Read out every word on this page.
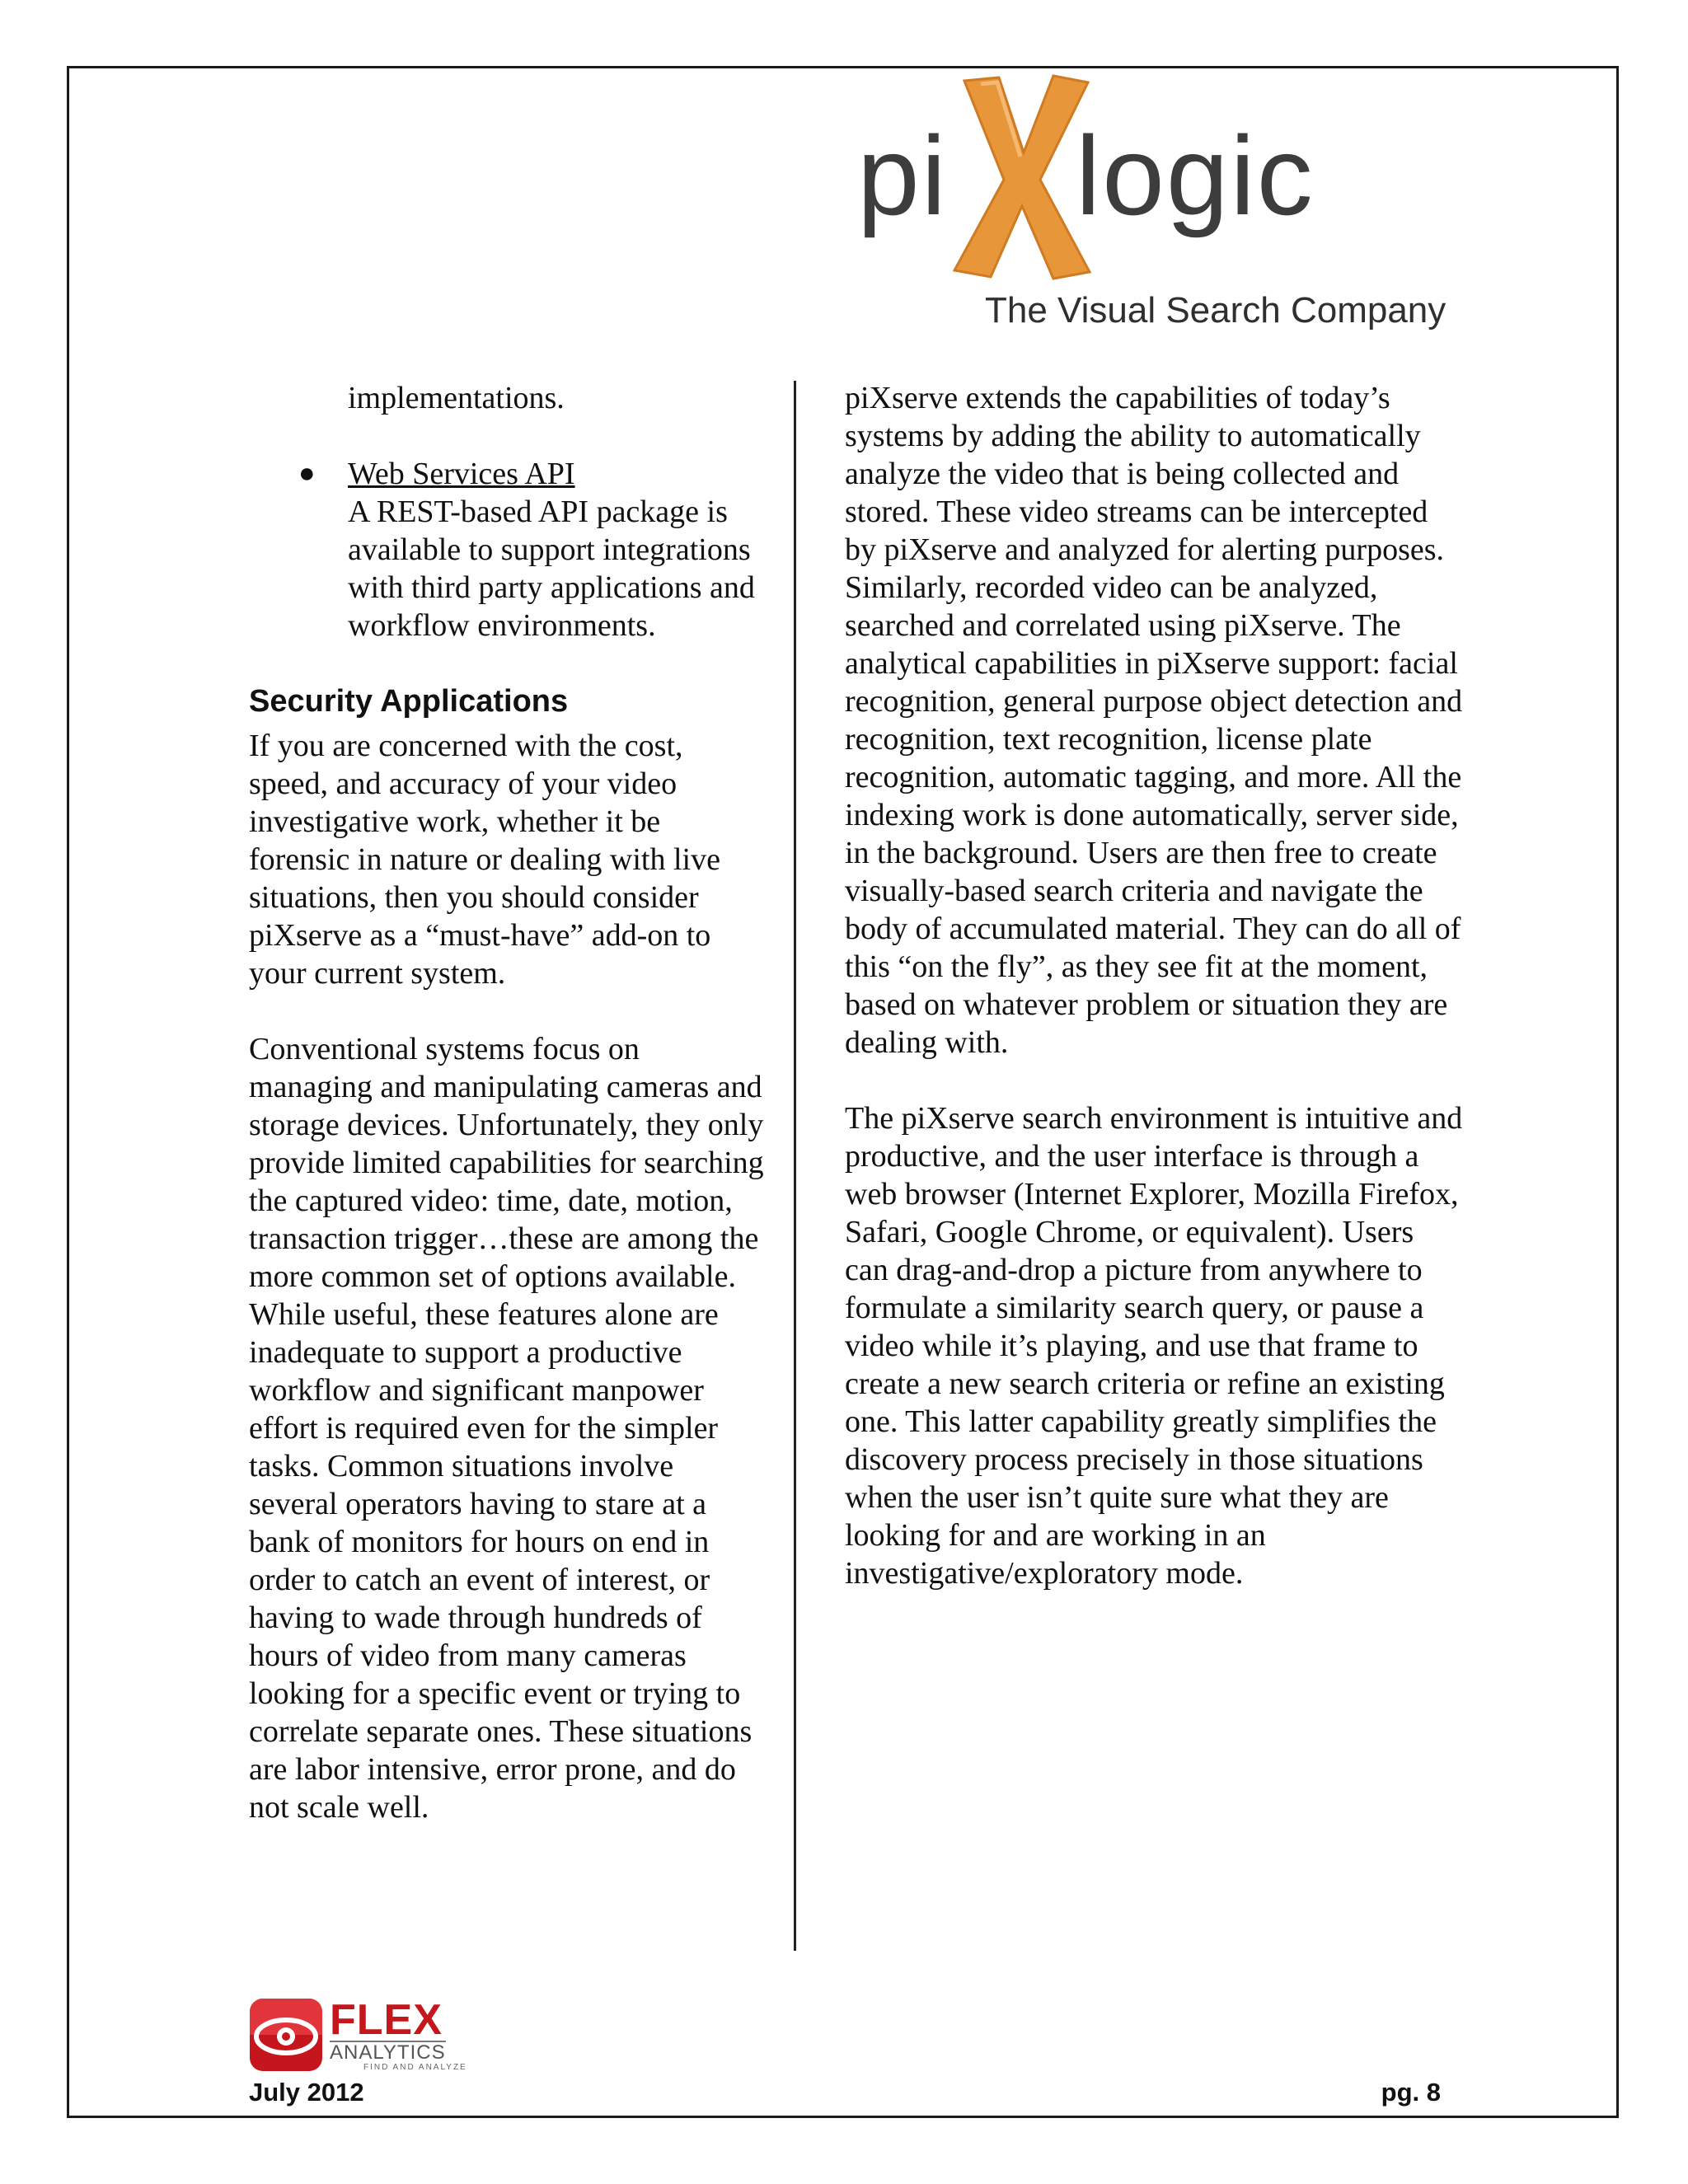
pi logic
The Visual Search Company

implementations.

● Web Services API

A REST-based API package is available to support integrations with third party applications and workflow environments.

Security Applications

If you are concerned with the cost, speed, and accuracy of your video investigative work, whether it be forensic in nature or dealing with live situations, then you should consider piXserve as a “must-have” add-on to your current system.

Conventional systems focus on managing and manipulating cameras and storage devices. Unfortunately, they only provide limited capabilities for searching the captured video: time, date, motion, transaction trigger…these are among the more common set of options available. While useful, these features alone are inadequate to support a productive workflow and significant manpower effort is required even for the simpler tasks. Common situations involve several operators having to stare at a bank of monitors for hours on end in order to catch an event of interest, or having to wade through hundreds of hours of video from many cameras looking for a specific event or trying to correlate separate ones. These situations are labor intensive, error prone, and do not scale well.

piXserve extends the capabilities of today’s systems by adding the ability to automatically analyze the video that is being collected and stored. These video streams can be intercepted by piXserve and analyzed for alerting purposes. Similarly, recorded video can be analyzed, searched and correlated using piXserve. The analytical capabilities in piXserve support: facial recognition, general purpose object detection and recognition, text recognition, license plate recognition, automatic tagging, and more. All the indexing work is done automatically, server side, in the background. Users are then free to create visually-based search criteria and navigate the body of accumulated material. They can do all of this “on the fly”, as they see fit at the moment, based on whatever problem or situation they are dealing with.

The piXserve search environment is intuitive and productive, and the user interface is through a web browser (Internet Explorer, Mozilla Firefox, Safari, Google Chrome, or equivalent). Users can drag-and-drop a picture from anywhere to formulate a similarity search query, or pause a video while it’s playing, and use that frame to create a new search criteria or refine an existing one. This latter capability greatly simplifies the discovery process precisely in those situations when the user isn’t quite sure what they are looking for and are working in an investigative/exploratory mode.

FLEX
ANALYTICS
FIND AND ANALYZE
July 2012	pg. 8
